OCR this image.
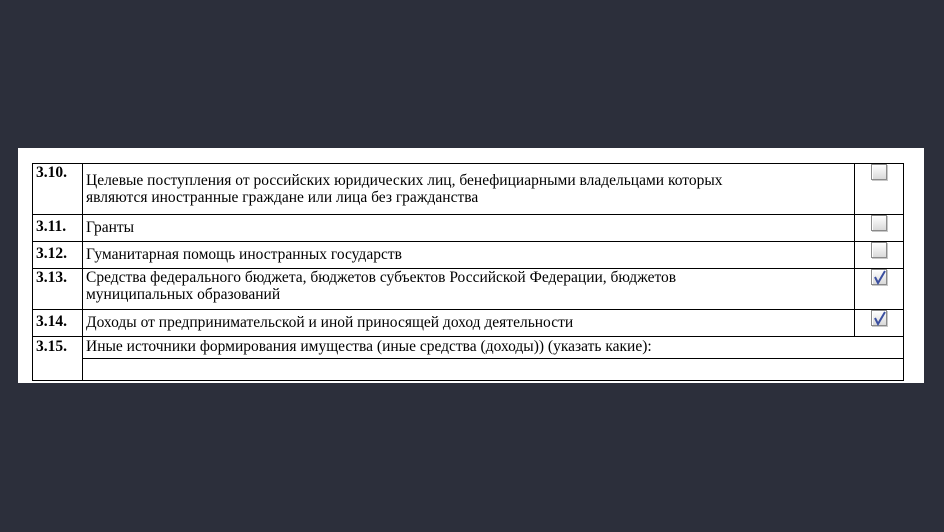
3.10.	Целевые поступления от российских юридических лиц, бенефициарными владельцами которых
являются иностранные граждане или лица без гражданства	
3.11.	Гранты	
3.12.	Гуманитарная помощь иностранных государств	
3.13.	Средства федерального бюджета, бюджетов субъектов Российской Федерации, бюджетов
муниципальных образований	

3.14.	Доходы от предпринимательской и иной приносящей доход деятельности	

3.15.	Иные источники формирования имущества (иные средства (доходы)) (указать какие):	
